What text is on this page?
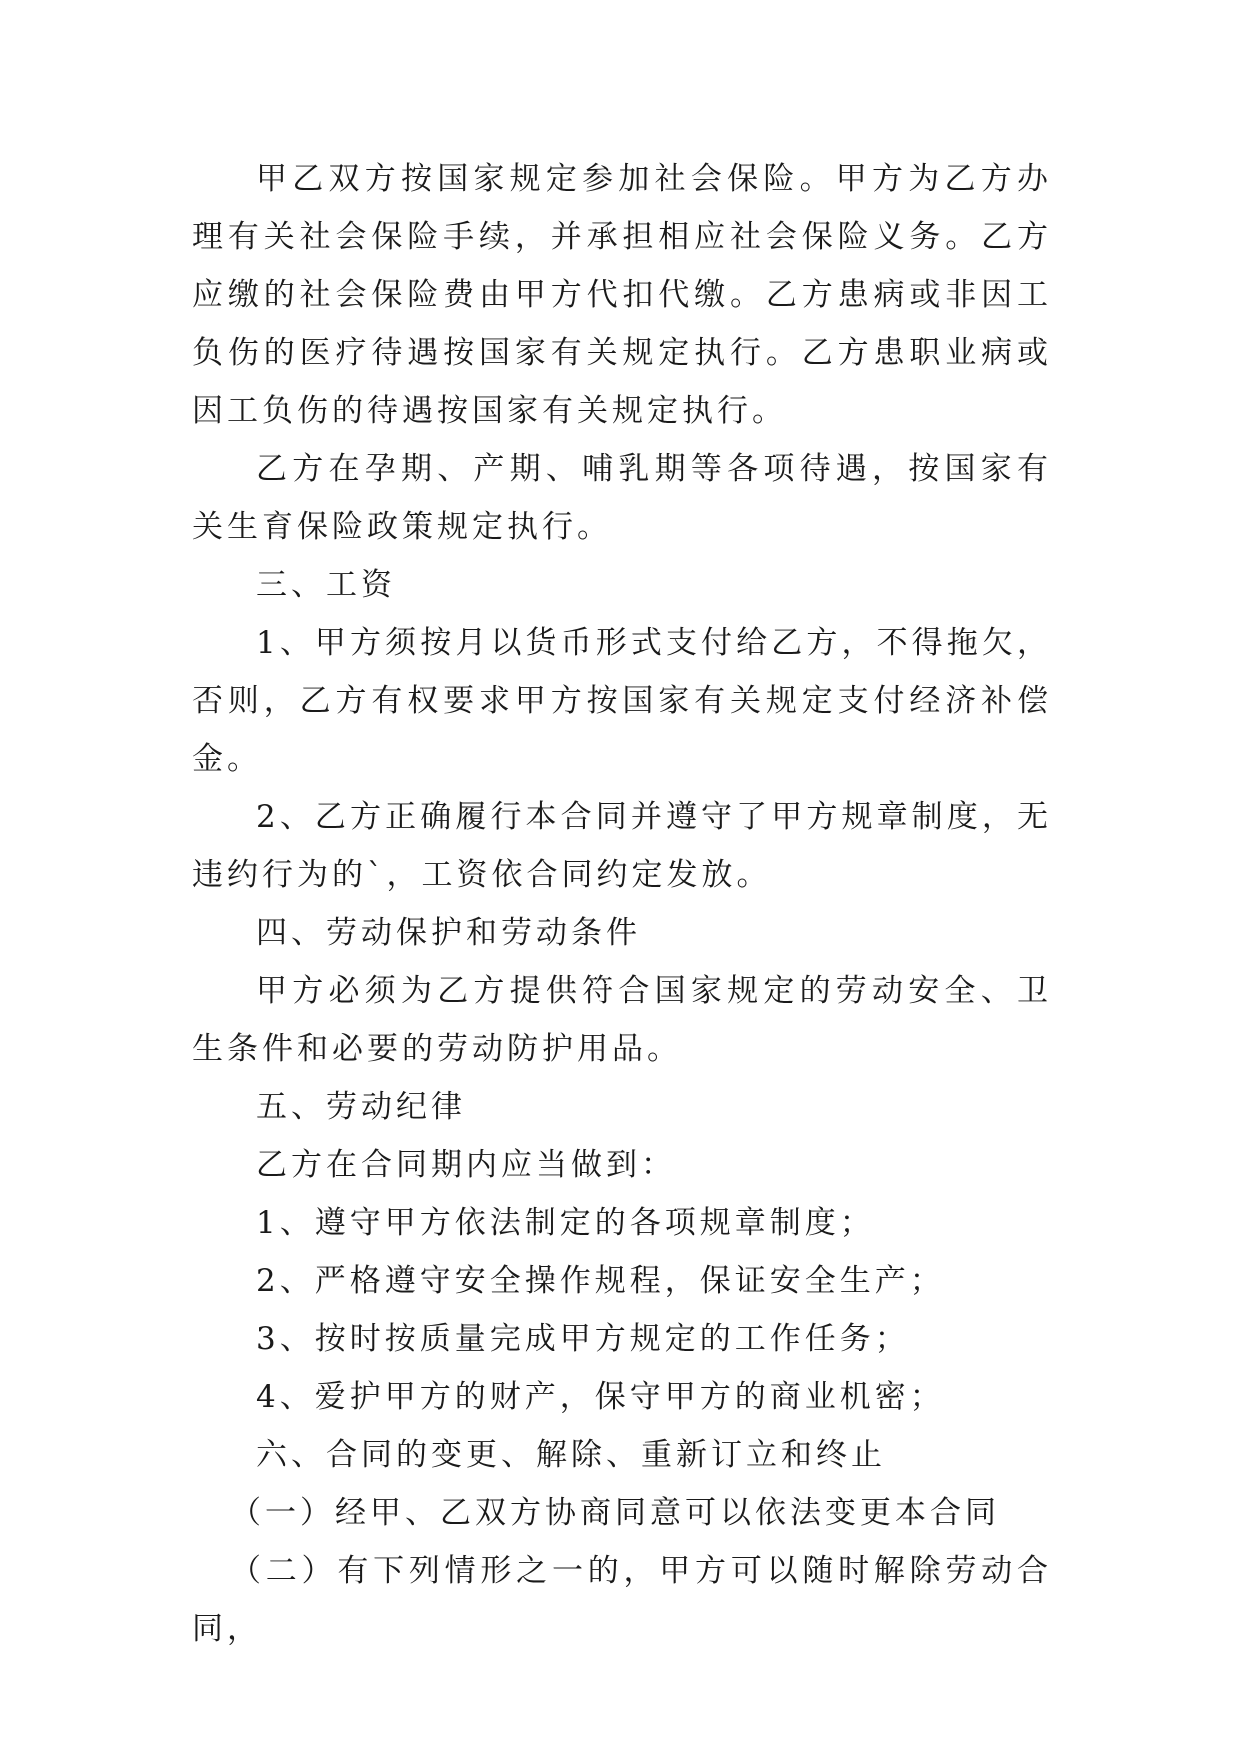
甲乙双方按国家规定参加社会保险。甲方为乙方办理有关社会保险手续，并承担相应社会保险义务。乙方应缴的社会保险费由甲方代扣代缴。乙方患病或非因工负伤的医疗待遇按国家有关规定执行。乙方患职业病或因工负伤的待遇按国家有关规定执行。

乙方在孕期、产期、哺乳期等各项待遇，按国家有关生育保险政策规定执行。

三、工资

1、甲方须按月以货币形式支付给乙方，不得拖欠，否则，乙方有权要求甲方按国家有关规定支付经济补偿金。

2、乙方正确履行本合同并遵守了甲方规章制度，无违约行为的`，工资依合同约定发放。

四、劳动保护和劳动条件

甲方必须为乙方提供符合国家规定的劳动安全、卫生条件和必要的劳动防护用品。

五、劳动纪律

乙方在合同期内应当做到：

1、遵守甲方依法制定的各项规章制度；

2、严格遵守安全操作规程，保证安全生产；

3、按时按质量完成甲方规定的工作任务；

4、爱护甲方的财产，保守甲方的商业机密；

六、合同的变更、解除、重新订立和终止

（一）经甲、乙双方协商同意可以依法变更本合同

（二）有下列情形之一的，甲方可以随时解除劳动合同，
